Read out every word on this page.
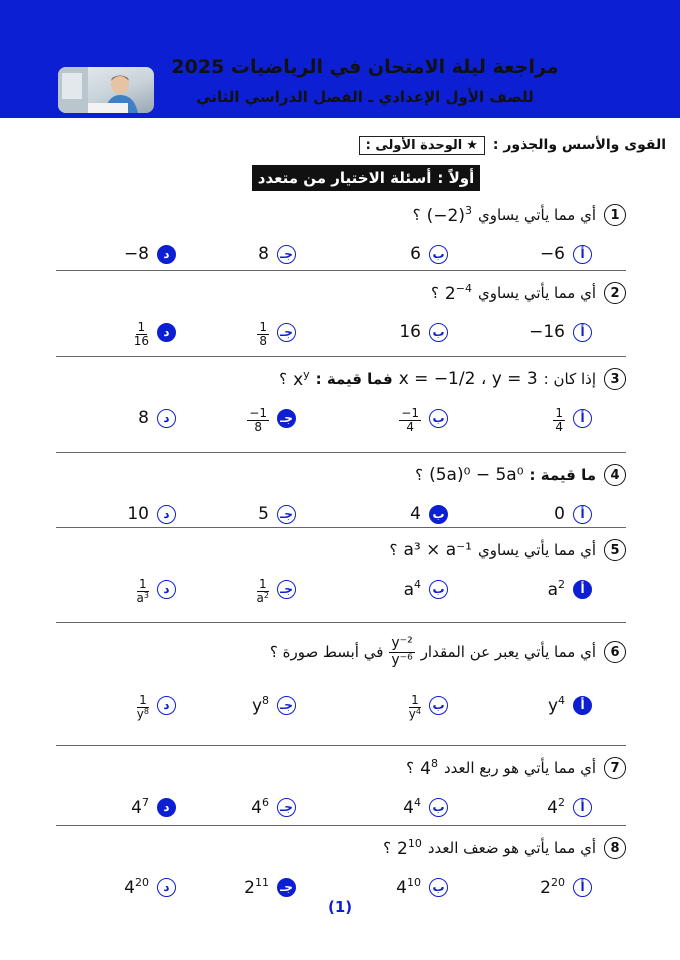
مراجعة ليلة الامتحان في الرياضيات 2025
للصف الأول الإعدادي ـ الفصل الدراسي الثاني
★
الوحدة الأولى : القوى والأسس والجذور :
أولاً :
أسئلة الاختيار من متعدد
1
أي مما يأتي يساوي
$(-2)^3$
؟
أ
−6
ب
6
جـ
8
د
−8
2
أي مما يأتي يساوي
$2^{-4}$
؟
أ
−16
ب
16
جـ
$\frac{1}{8}$
د
$\frac{1}{16}$
3
إذا كان :
x = −1/2 ، y = 3
فما قيمة :
$x^y$
؟
أ
$\frac{1}{4}$
ب
$\frac{-1}{4}$
جـ
$\frac{-1}{8}$
د
8
4
ما قيمة :
(5a)⁰ − 5a⁰
؟
أ
0
ب
4
جـ
5
د
10
5
أي مما يأتي يساوي
a³ × a⁻¹
؟
أ
$a^2$
ب
$a^4$
جـ
$\frac{1}{a^2}$
د
$\frac{1}{a^3}$
6
أي مما يأتي يعبر عن المقدار
$\frac{\text{y⁻²}}{\text{y⁻⁶}}$
في أبسط صورة ؟
أ
$y^4$
ب
$\frac{1}{y^4}$
جـ
$y^8$
د
$\frac{1}{y^8}$
7
أي مما يأتي هو ربع العدد
$4^8$
؟
أ
$4^2$
ب
$4^4$
جـ
$4^6$
د
$4^7$
8
أي مما يأتي هو ضعف العدد
$2^{10}$
؟
أ
$2^{20}$
ب
$4^{10}$
جـ
$2^{11}$
د
$4^{20}$
(1)
